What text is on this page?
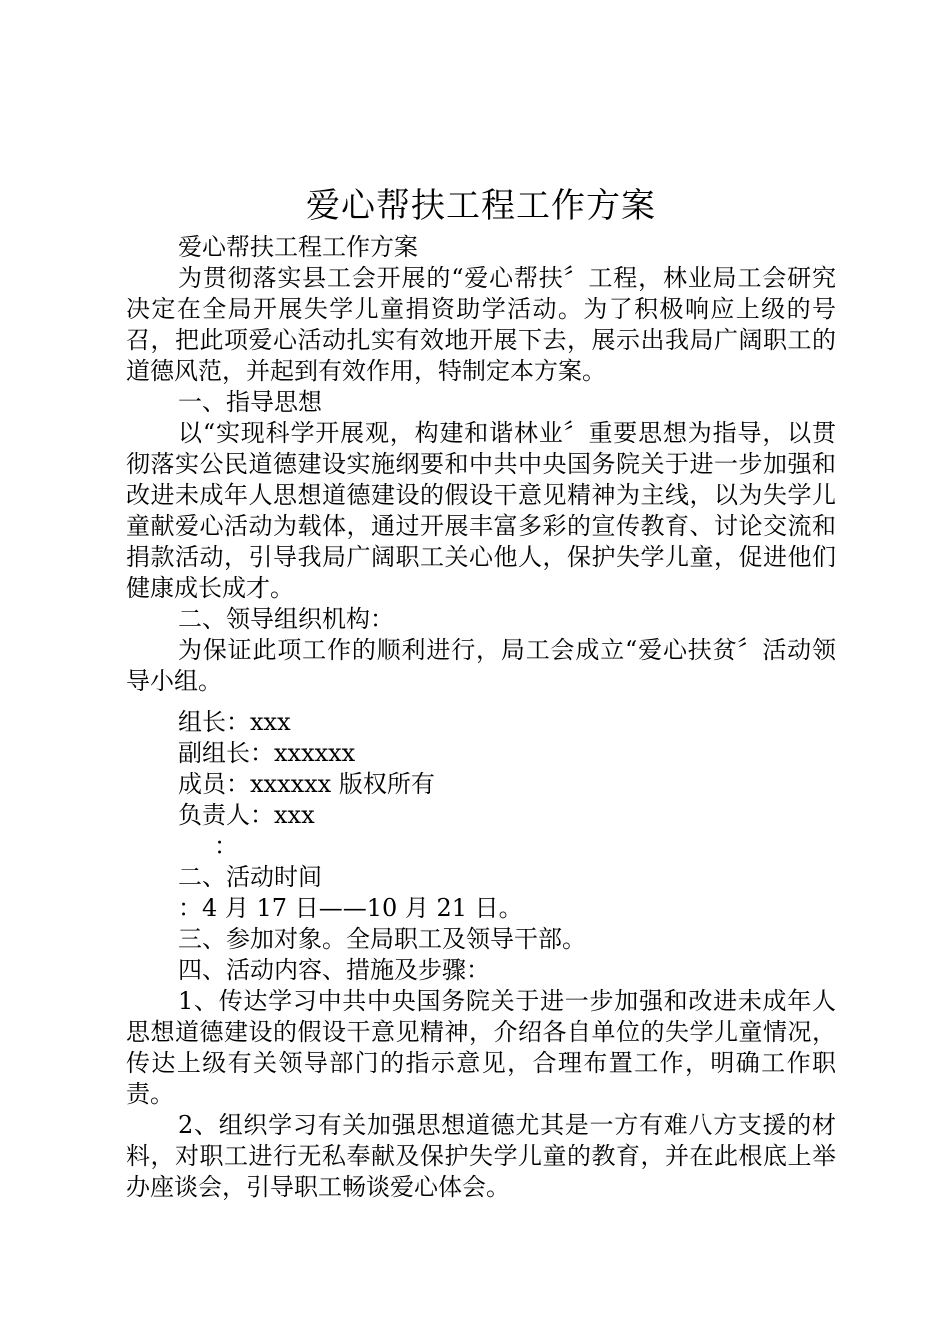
爱心帮扶工程工作方案

爱心帮扶工程工作方案

为贯彻落实县工会开展的“爱心帮扶〞工程，林业局工会研究决定在全局开展失学儿童捐资助学活动。为了积极响应上级的号召，把此项爱心活动扎实有效地开展下去，展示出我局广阔职工的道德风范，并起到有效作用，特制定本方案。

一、指导思想

以“实现科学开展观，构建和谐林业〞重要思想为指导，以贯彻落实公民道德建设实施纲要和中共中央国务院关于进一步加强和改进未成年人思想道德建设的假设干意见精神为主线，以为失学儿童献爱心活动为载体，通过开展丰富多彩的宣传教育、讨论交流和捐款活动，引导我局广阔职工关心他人，保护失学儿童，促进他们健康成长成才。

二、领导组织机构：

为保证此项工作的顺利进行，局工会成立“爱心扶贫〞活动领导小组。

组长：xxx

副组长：xxxxxx

成员：xxxxxx 版权所有

负责人：xxx

：

二、活动时间

：4 月 17 日——10 月 21 日。

三、参加对象。全局职工及领导干部。

四、活动内容、措施及步骤：

1、传达学习中共中央国务院关于进一步加强和改进未成年人思想道德建设的假设干意见精神，介绍各自单位的失学儿童情况，传达上级有关领导部门的指示意见，合理布置工作，明确工作职责。

2、组织学习有关加强思想道德尤其是一方有难八方支援的材料，对职工进行无私奉献及保护失学儿童的教育，并在此根底上举办座谈会，引导职工畅谈爱心体会。
